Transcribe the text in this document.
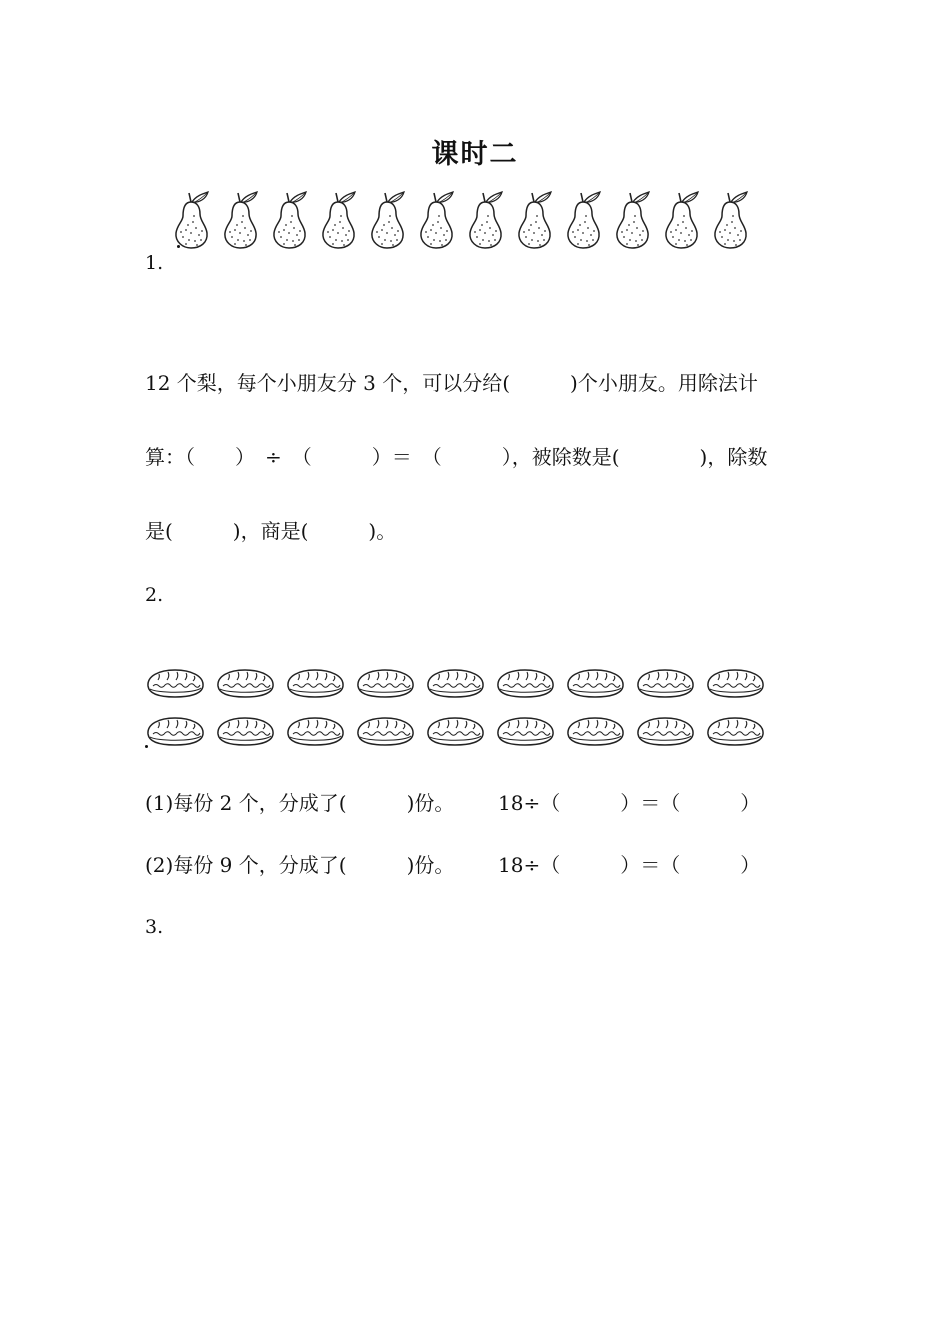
课时二
1.
12 个梨，每个小朋友分 3 个，可以分给(　　　)个小朋友。用除法计
算：（　　）　÷　（　　　）＝　（　　　），被除数是(　　　　)，除数
是(　　　)，商是(　　　)。
2.
(1)每份 2 个，分成了(　　　)份。 18÷（　　　）＝（　　　）
(2)每份 9 个，分成了(　　　)份。 18÷（　　　）＝（　　　）
3.
